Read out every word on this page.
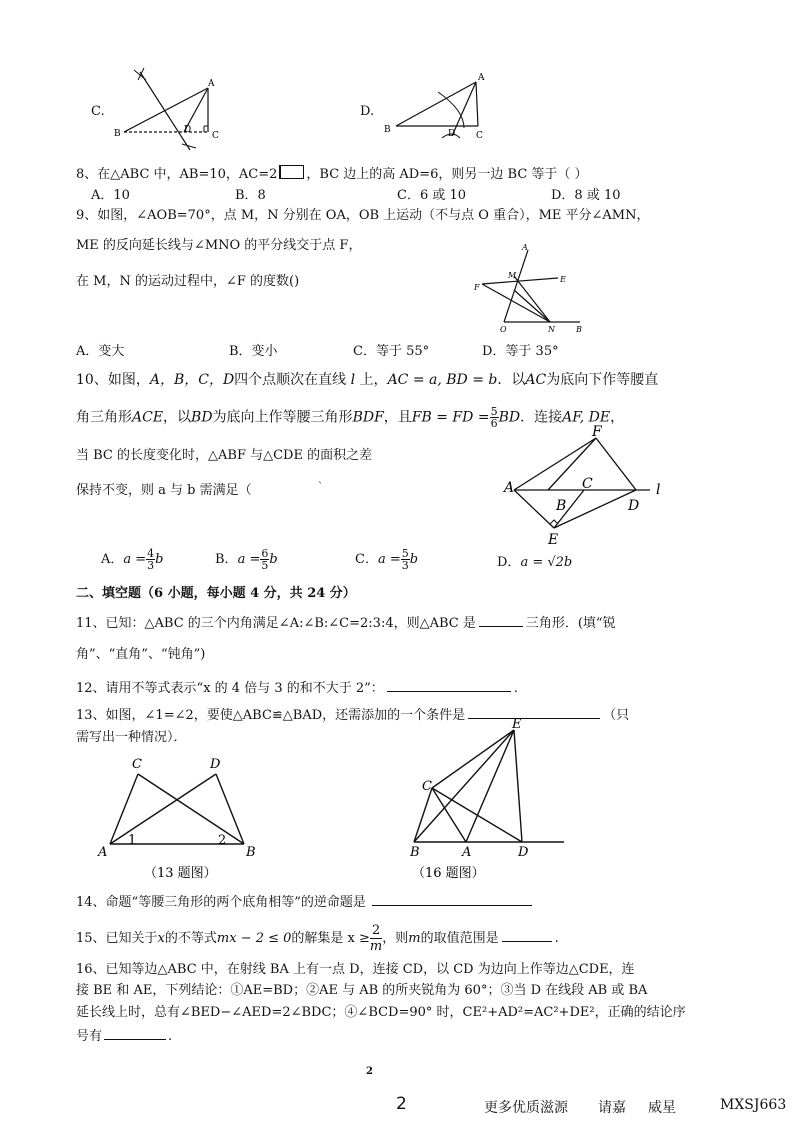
C.
A
B	D
C
D.
A
B	D C
8、在△ABC 中，AB=10，AC=2 ，BC 边上的高 AD=6，则另一边 BC 等于（ ）
A．10	B．8	C．6 或 10	D．8 或 10
9、如图，∠AOB=70°，点 M，N 分别在 OA，OB 上运动（不与点 O 重合），ME 平分∠AMN，
ME 的反向延长线与∠MNO 的平分线交于点 F，
在 M，N 的运动过程中，∠F 的度数()
A
M	E
F
O	N	B
A．变大	B．变小	C．等于 55°	D．等于 35°
10、如图，A，B，C，D四个点顺次在直线 l 上，AC = a, BD = b．以AC为底向下作等腰直
角三角形ACE，以BD为底向上作等腰三角形BDF，且FB = FD = $\frac{5}{6}$ BD．连接AF, DE，
当 BC 的长度变化时，△ABF 与△CDE 的面积之差
保持不变，则 a 与 b 需满足（	`
F
A
B
C
D
l
E
A．$a = \frac{4}{3}$ b	B．$a = \frac{6}{5}$ b	C．$a = \frac{5}{3}$ b	D．a = √2b
二、填空题（6 小题，每小题 4 分，共 24 分）
11、已知：△ABC 的三个内角满足∠A:∠B:∠C=2:3:4，则△ABC 是	三角形．(填“锐
角”、“直角”、“钝角”)
12、请用不等式表示“x 的 4 倍与 3 的和不大于 2”：	.
13、如图，∠1=∠2，要使△ABC≌△BAD，还需添加的一个条件是	（只
需写出一种情况）．
C	D
A	B
1	2
（13 题图）
E
C
B	A	D
（16 题图）
14、命题“等腰三角形的两个底角相等”的逆命题是
15、已知关于x的不等式mx − 2 ≤ 0的解集是 $x \ge \frac{2}{m}$ ，则m的取值范围是	.
16、已知等边△ABC 中，在射线 BA 上有一点 D，连接 CD，以 CD 为边向上作等边△CDE，连
接 BE 和 AE，下列结论：①AE=BD；②AE 与 AB 的所夹锐角为 60°；③当 D 在线段 AB 或 BA
延长线上时，总有∠BED−∠AED=2∠BDC；④∠BCD=90° 时，CE²+AD²=AC²+DE²，正确的结论序
号有	.
2
2	更多优质滋源 请嘉 威星	MXSJ663
